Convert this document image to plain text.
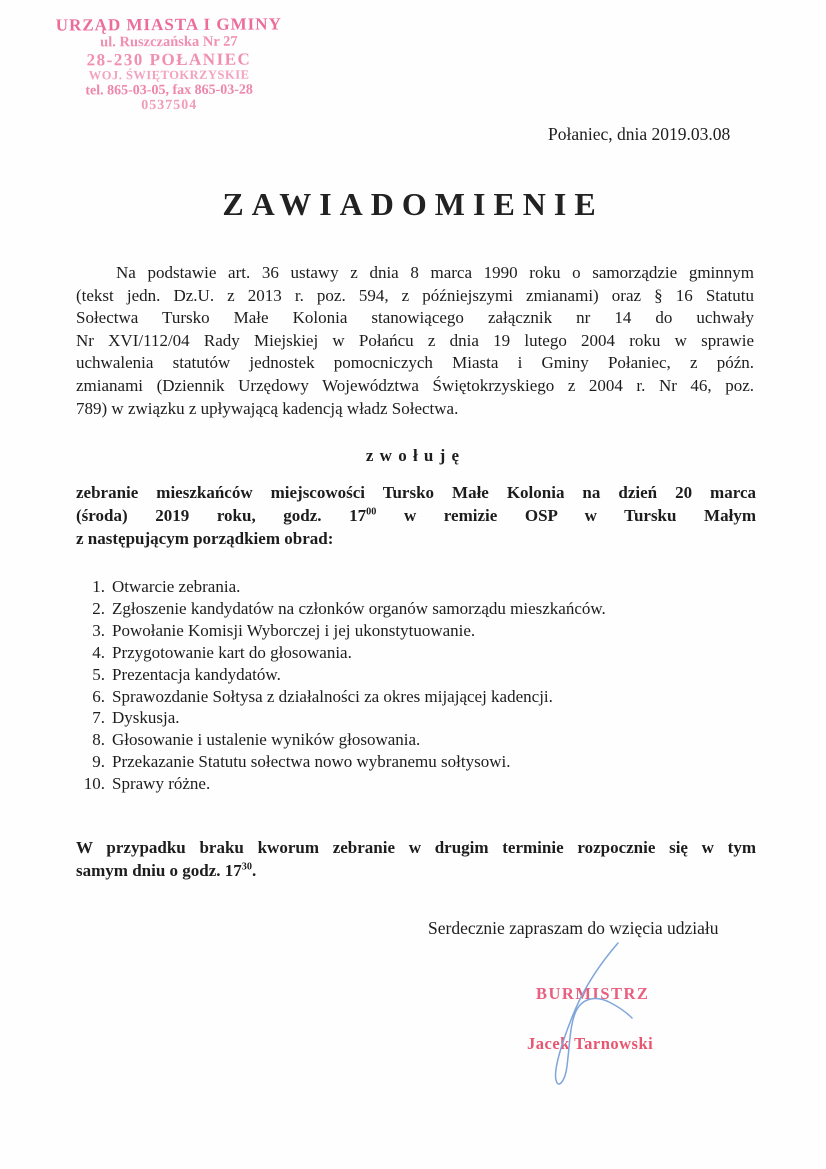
URZĄD MIASTA I GMINY
ul. Ruszczańska Nr 27
28-230 POŁANIEC
WOJ. ŚWIĘTOKRZYSKIE
tel. 865-03-05, fax 865-03-28
0537504
Połaniec, dnia 2019.03.08
ZAWIADOMIENIE
Na podstawie art. 36 ustawy z dnia 8 marca 1990 roku o samorządzie gminnym
(tekst jedn. Dz.U. z 2013 r. poz. 594, z późniejszymi zmianami) oraz § 16 Statutu
Sołectwa Tursko Małe Kolonia stanowiącego załącznik nr 14 do uchwały
Nr XVI/112/04 Rady Miejskiej w Połańcu z dnia 19 lutego 2004 roku w sprawie
uchwalenia statutów jednostek pomocniczych Miasta i Gminy Połaniec, z późn.
zmianami (Dziennik Urzędowy Województwa Świętokrzyskiego z 2004 r. Nr 46, poz.
789) w związku z upływającą kadencją władz Sołectwa.
z w o ł u j ę
zebranie mieszkańców miejscowości Tursko Małe Kolonia na dzień 20 marca
(środa) 2019 roku, godz. $17^{00}$ w remizie OSP w Tursku Małym
z następującym porządkiem obrad:
1. Otwarcie zebrania.
2. Zgłoszenie kandydatów na członków organów samorządu mieszkańców.
3. Powołanie Komisji Wyborczej i jej ukonstytuowanie.
4. Przygotowanie kart do głosowania.
5. Prezentacja kandydatów.
6. Sprawozdanie Sołtysa z działalności za okres mijającej kadencji.
7. Dyskusja.
8. Głosowanie i ustalenie wyników głosowania.
9. Przekazanie Statutu sołectwa nowo wybranemu sołtysowi.
10. Sprawy różne.
W przypadku braku kworum zebranie w drugim terminie rozpocznie się w tym
samym dniu o godz. $17^{30}$.
Serdecznie zapraszam do wzięcia udziału
BURMISTRZ
Jacek Tarnowski
